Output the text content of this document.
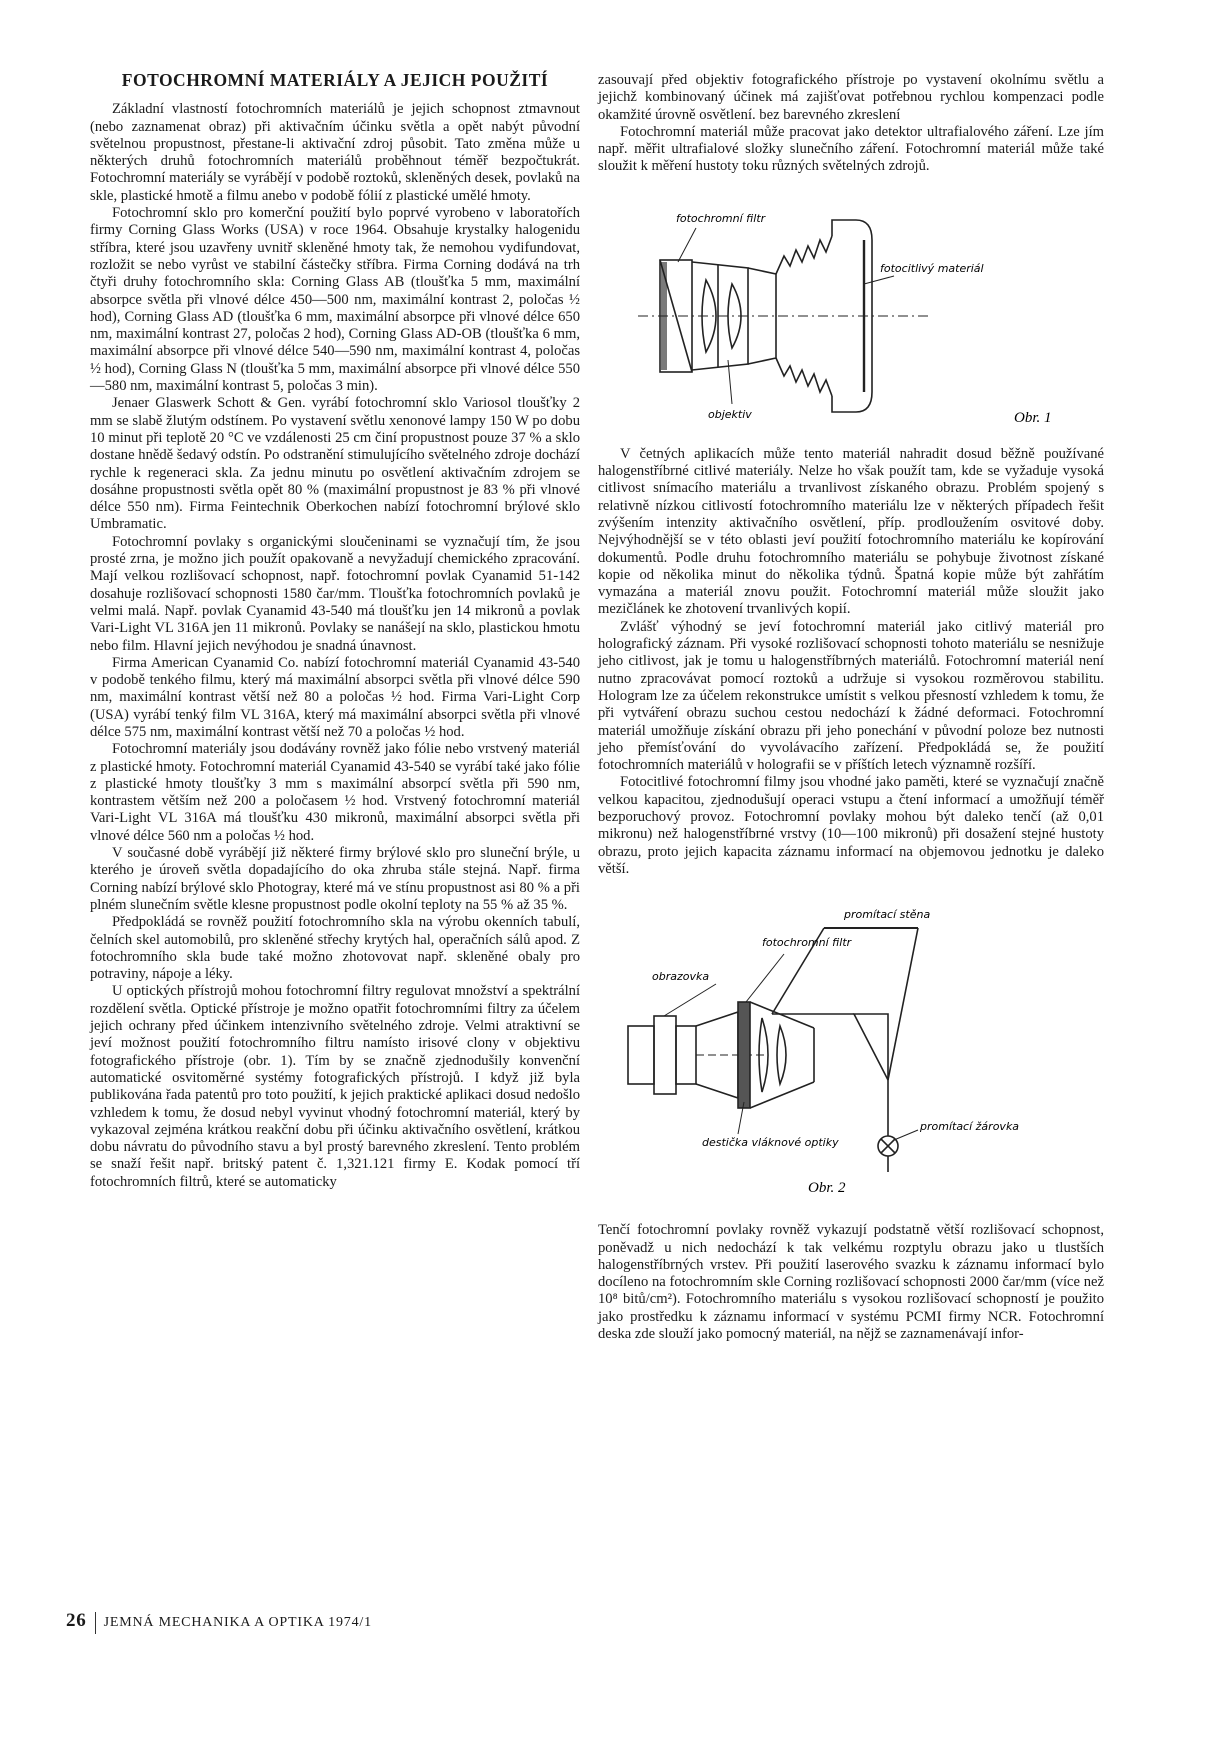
FOTOCHROMNÍ MATERIÁLY A JEJICH POUŽITÍ

Základní vlastností fotochromních materiálů je jejich schopnost ztmavnout (nebo zaznamenat obraz) při aktivačním účinku světla a opět nabýt původní světelnou propustnost, přestane-li aktivační zdroj působit. Tato změna může u některých druhů fotochromních materiálů proběhnout téměř bezpočtukrát. Fotochromní materiály se vyrábějí v podobě roztoků, skleněných desek, povlaků na skle, plastické hmotě a filmu anebo v podobě fólií z plastické umělé hmoty.

Fotochromní sklo pro komerční použití bylo poprvé vyrobeno v laboratořích firmy Corning Glass Works (USA) v roce 1964. Obsahuje krystalky halogenidu stříbra, které jsou uzavřeny uvnitř skleněné hmoty tak, že nemohou vydifundovat, rozložit se nebo vyrůst ve stabilní částečky stříbra. Firma Corning dodává na trh čtyři druhy fotochromního skla: Corning Glass AB (tloušťka 5 mm, maximální absorpce světla při vlnové délce 450—500 nm, maximální kontrast 2, poločas ½ hod), Corning Glass AD (tloušťka 6 mm, maximální absorpce při vlnové délce 650 nm, maximální kontrast 27, poločas 2 hod), Corning Glass AD-OB (tloušťka 6 mm, maximální absorpce při vlnové délce 540—590 nm, maximální kontrast 4, poločas ½ hod), Corning Glass N (tloušťka 5 mm, maximální absorpce při vlnové délce 550—580 nm, maximální kontrast 5, poločas 3 min).

Jenaer Glaswerk Schott & Gen. vyrábí fotochromní sklo Variosol tloušťky 2 mm se slabě žlutým odstínem. Po vystavení světlu xenonové lampy 150 W po dobu 10 minut při teplotě 20 °C ve vzdálenosti 25 cm činí propustnost pouze 37 % a sklo dostane hnědě šedavý odstín. Po odstranění stimulujícího světelného zdroje dochází rychle k regeneraci skla. Za jednu minutu po osvětlení aktivačním zdrojem se dosáhne propustnosti světla opět 80 % (maximální propustnost je 83 % při vlnové délce 550 nm). Firma Feintechnik Oberkochen nabízí fotochromní brýlové sklo Umbramatic.

Fotochromní povlaky s organickými sloučeninami se vyznačují tím, že jsou prosté zrna, je možno jich použít opakovaně a nevyžadují chemického zpracování. Mají velkou rozlišovací schopnost, např. fotochromní povlak Cyanamid 51-142 dosahuje rozlišovací schopnosti 1580 čar/mm. Tloušťka fotochromních povlaků je velmi malá. Např. povlak Cyanamid 43-540 má tloušťku jen 14 mikronů a povlak Vari-Light VL 316A jen 11 mikronů. Povlaky se nanášejí na sklo, plastickou hmotu nebo film. Hlavní jejich nevýhodou je snadná únavnost.

Firma American Cyanamid Co. nabízí fotochromní materiál Cyanamid 43-540 v podobě tenkého filmu, který má maximální absorpci světla při vlnové délce 590 nm, maximální kontrast větší než 80 a poločas ½ hod. Firma Vari-Light Corp (USA) vyrábí tenký film VL 316A, který má maximální absorpci světla při vlnové délce 575 nm, maximální kontrast větší než 70 a poločas ½ hod.

Fotochromní materiály jsou dodávány rovněž jako fólie nebo vrstvený materiál z plastické hmoty. Fotochromní materiál Cyanamid 43-540 se vyrábí také jako fólie z plastické hmoty tloušťky 3 mm s maximální absorpcí světla při 590 nm, kontrastem větším než 200 a poločasem ½ hod. Vrstvený fotochromní materiál Vari-Light VL 316A má tloušťku 430 mikronů, maximální absorpci světla při vlnové délce 560 nm a poločas ½ hod.

V současné době vyrábějí již některé firmy brýlové sklo pro sluneční brýle, u kterého je úroveň světla dopadajícího do oka zhruba stále stejná. Např. firma Corning nabízí brýlové sklo Photogray, které má ve stínu propustnost asi 80 % a při plném slunečním světle klesne propustnost podle okolní teploty na 55 % až 35 %.

Předpokládá se rovněž použití fotochromního skla na výrobu okenních tabulí, čelních skel automobilů, pro skleněné střechy krytých hal, operačních sálů apod. Z fotochromního skla bude také možno zhotovovat např. skleněné obaly pro potraviny, nápoje a léky.

U optických přístrojů mohou fotochromní filtry regulovat množství a spektrální rozdělení světla. Optické přístroje je možno opatřit fotochromními filtry za účelem jejich ochrany před účinkem intenzivního světelného zdroje. Velmi atraktivní se jeví možnost použití fotochromního filtru namísto irisové clony v objektivu fotografického přístroje (obr. 1). Tím by se značně zjednodušily konvenční automatické osvitoměrné systémy fotografických přístrojů. I když již byla publikována řada patentů pro toto použití, k jejich praktické aplikaci dosud nedošlo vzhledem k tomu, že dosud nebyl vyvinut vhodný fotochromní materiál, který by vykazoval zejména krátkou reakční dobu při účinku aktivačního osvětlení, krátkou dobu návratu do původního stavu a byl prostý barevného zkreslení. Tento problém se snaží řešit např. britský patent č. 1,321.121 firmy E. Kodak pomocí tří fotochromních filtrů, které se automaticky

zasouvají před objektiv fotografického přístroje po vystavení okolnímu světlu a jejichž kombinovaný účinek má zajišťovat potřebnou rychlou kompenzaci podle okamžité úrovně osvětlení. bez barevného zkreslení

Fotochromní materiál může pracovat jako detektor ultrafialového záření. Lze jím např. měřit ultrafialové složky slunečního záření. Fotochromní materiál může také sloužit k měření hustoty toku různých světelných zdrojů.

fotochromní filtr
fotocitlivý materiál
objektiv	Obr. 1

V četných aplikacích může tento materiál nahradit dosud běžně používané halogenstříbrné citlivé materiály. Nelze ho však použít tam, kde se vyžaduje vysoká citlivost snímacího materiálu a trvanlivost získaného obrazu. Problém spojený s relativně nízkou citlivostí fotochromního materiálu lze v některých případech řešit zvýšením intenzity aktivačního osvětlení, příp. prodloužením osvitové doby. Nejvýhodnější se v této oblasti jeví použití fotochromního materiálu ke kopírování dokumentů. Podle druhu fotochromního materiálu se pohybuje životnost získané kopie od několika minut do několika týdnů. Špatná kopie může být zahřátím vymazána a materiál znovu použit. Fotochromní materiál může sloužit jako mezičlánek ke zhotovení trvanlivých kopií.

Zvlášť výhodný se jeví fotochromní materiál jako citlivý materiál pro holografický záznam. Při vysoké rozlišovací schopnosti tohoto materiálu se nesnižuje jeho citlivost, jak je tomu u halogenstříbrných materiálů. Fotochromní materiál není nutno zpracovávat pomocí roztoků a udržuje si vysokou rozměrovou stabilitu. Hologram lze za účelem rekonstrukce umístit s velkou přesností vzhledem k tomu, že při vytváření obrazu suchou cestou nedochází k žádné deformaci. Fotochromní materiál umožňuje získání obrazu při jeho ponechání v původní poloze bez nutnosti jeho přemísťování do vyvolávacího zařízení. Předpokládá se, že použití fotochromních materiálů v holografii se v příštích letech významně rozšíří.

Fotocitlivé fotochromní filmy jsou vhodné jako paměti, které se vyznačují značně velkou kapacitou, zjednodušují operaci vstupu a čtení informací a umožňují téměř bezporuchový provoz. Fotochromní povlaky mohou být daleko tenčí (až 0,01 mikronu) než halogenstříbrné vrstvy (10—100 mikronů) při dosažení stejné hustoty obrazu, proto jejich kapacita záznamu informací na objemovou jednotku je daleko větší.

promítací stěna
fotochromní filtr
obrazovka
destička vláknové optiky
promítací žárovka
Obr. 2

Tenčí fotochromní povlaky rovněž vykazují podstatně větší rozlišovací schopnost, poněvadž u nich nedochází k tak velkému rozptylu obrazu jako u tlustších halogenstříbrných vrstev. Při použití laserového svazku k záznamu informací bylo docíleno na fotochromním skle Corning rozlišovací schopnosti 2000 čar/mm (více než 10⁸ bitů/cm²). Fotochromního materiálu s vysokou rozlišovací schopností je použito jako prostředku k záznamu informací v systému PCMI firmy NCR. Fotochromní deska zde slouží jako pomocný materiál, na nějž se zaznamenávají infor-

26 JEMNÁ MECHANIKA A OPTIKA 1974/1
